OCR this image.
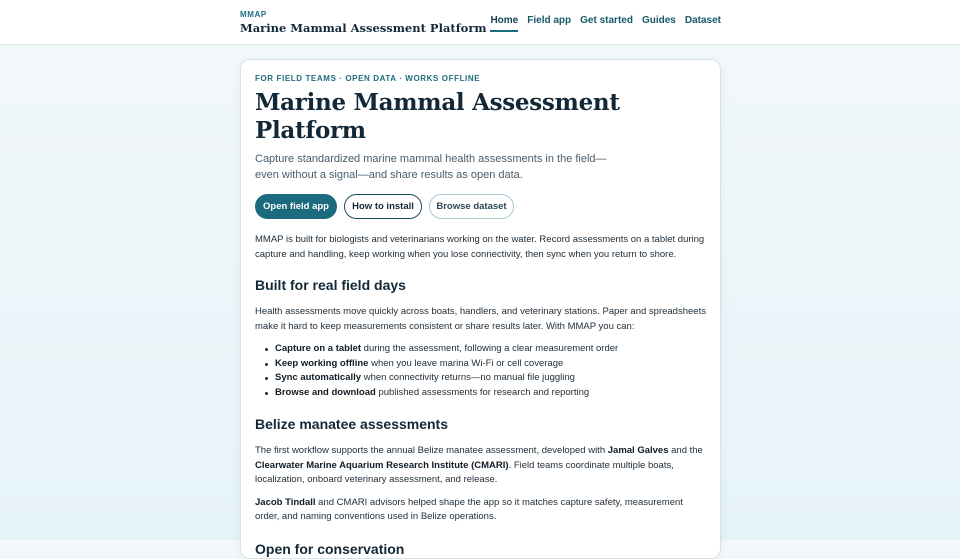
MMAP
Marine Mammal Assessment Platform
Home Field app Get started Guides Dataset
FOR FIELD TEAMS · OPEN DATA · WORKS OFFLINE
Marine Mammal Assessment Platform

Capture standardized marine mammal health assessments in the field—even without a signal—and share results as open data.

Open field app	How to install	Browse dataset

MMAP is built for biologists and veterinarians working on the water. Record assessments on a tablet during capture and handling, keep working when you lose connectivity, then sync when you return to shore.

Built for real field days

Health assessments move quickly across boats, handlers, and veterinary stations. Paper and spreadsheets make it hard to keep measurements consistent or share results later. With MMAP you can:

Capture on a tablet during the assessment, following a clear measurement order
Keep working offline when you leave marina Wi-Fi or cell coverage
Sync automatically when connectivity returns—no manual file juggling
Browse and download published assessments for research and reporting
Belize manatee assessments

The first workflow supports the annual Belize manatee assessment, developed with Jamal Galves and the Clearwater Marine Aquarium Research Institute (CMARI). Field teams coordinate multiple boats, localization, onboard veterinary assessment, and release.

Jacob Tindall and CMARI advisors helped shape the app so it matches capture safety, measurement order, and naming conventions used in Belize operations.

Open for conservation
